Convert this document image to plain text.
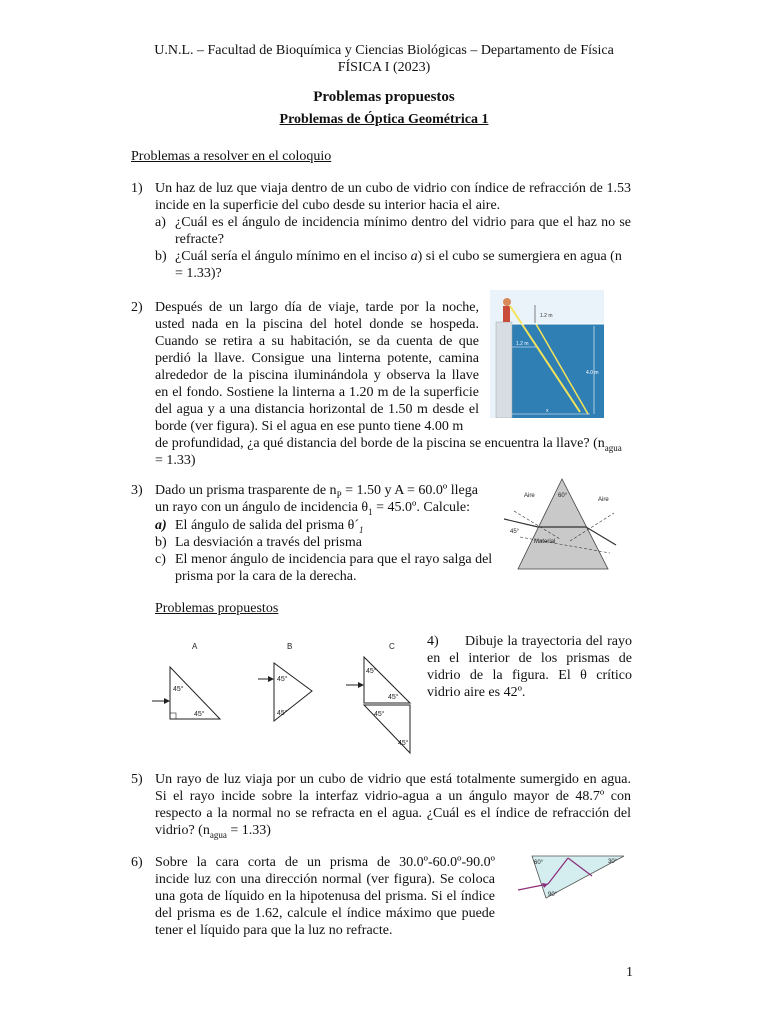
U.N.L. – Facultad de Bioquímica y Ciencias Biológicas – Departamento de Física
FÍSICA I (2023)
Problemas propuestos
Problemas de Óptica Geométrica 1
Problemas a resolver en el coloquio
1) Un haz de luz que viaja dentro de un cubo de vidrio con índice de refracción de 1.53
incide en la superficie del cubo desde su interior hacia el aire.
a) ¿Cuál es el ángulo de incidencia mínimo dentro del vidrio para que el haz no se
refracte?
b) ¿Cuál sería el ángulo mínimo en el inciso a) si el cubo se sumergiera en agua (n
= 1.33)?
2) Después de un largo día de viaje, tarde por la noche,
usted nada en la piscina del hotel donde se hospeda.
Cuando se retira a su habitación, se da cuenta de que
perdió la llave. Consigue una linterna potente, camina
alrededor de la piscina iluminándola y observa la llave
en el fondo. Sostiene la linterna a 1.20 m de la superficie
del agua y a una distancia horizontal de 1.50 m desde el
borde (ver figura). Si el agua en ese punto tiene 4.00 m
de profundidad, ¿a qué distancia del borde de la piscina se encuentra la llave? ($n_{agua}$
= 1.33)
1.2 m
1.2 m
4.0 m
x
3) Dado un prisma trasparente de $n_P = 1.50$ y A = 60.0º llega
un rayo con un ángulo de incidencia $\theta_1$ = 45.0º. Calcule:
a) El ángulo de salida del prisma $\theta´_1$
b) La desviación a través del prisma
c) El menor ángulo de incidencia para que el rayo salga del
prisma por la cara de la derecha.
Aire	60°
Aire
45°
Material
Problemas propuestos
A	B	C
45°
45°
45°
45°
45°
45°
45°
45°
4)	Dibuje la trayectoria del rayo
en el interior de los prismas de
vidrio de la figura. El θ crítico
vidrio aire es 42º.
5) Un rayo de luz viaja por un cubo de vidrio que está totalmente sumergido en agua.
Si el rayo incide sobre la interfaz vidrio-agua a un ángulo mayor de 48.7º con
respecto a la normal no se refracta en el agua. ¿Cuál es el índice de refracción del
vidrio? $(n_{agua} = 1.33)$
6) Sobre la cara corta de un prisma de 30.0º-60.0º-90.0º
incide luz con una dirección normal (ver figura). Se coloca
una gota de líquido en la hipotenusa del prisma. Si el índice
del prisma es de 1.62, calcule el índice máximo que puede
tener el líquido para que la luz no refracte.
60°	30°
90°
1
